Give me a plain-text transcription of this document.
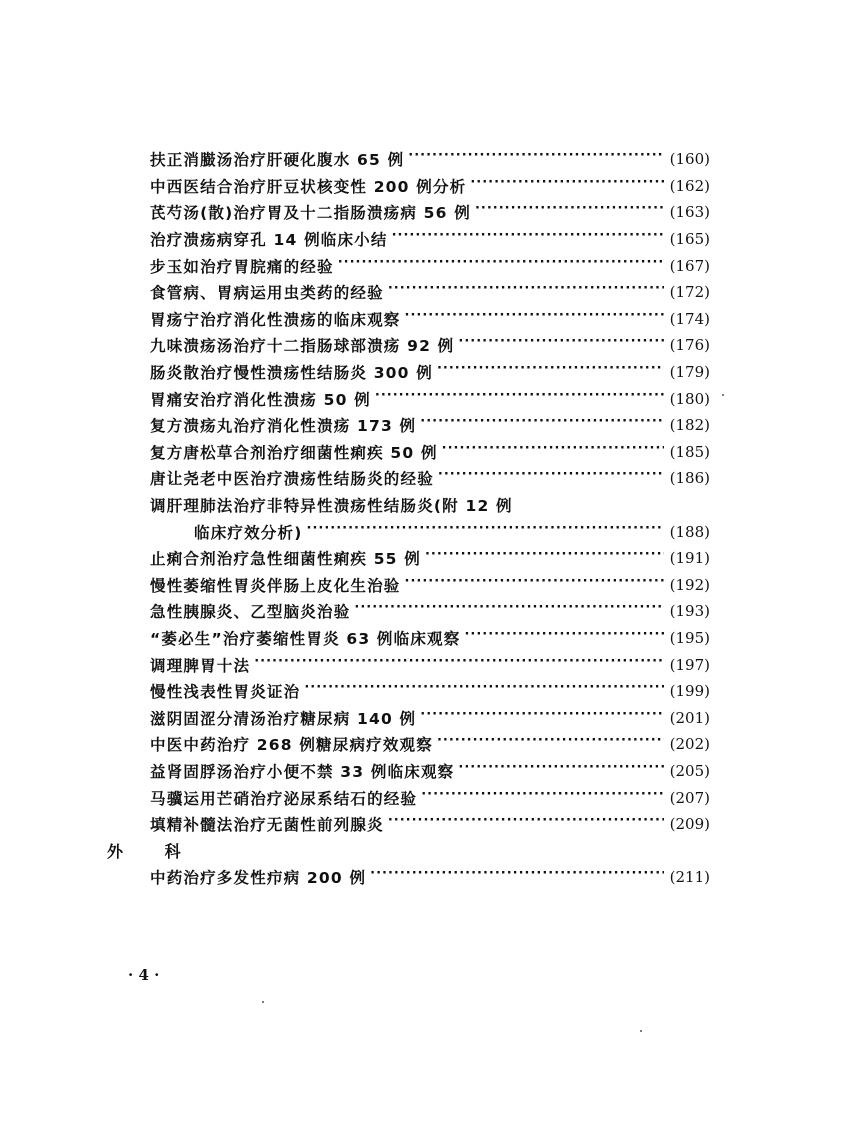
扶正消臌汤治疗肝硬化腹水 65 例 ·····	(160)
中西医结合治疗肝豆状核变性 200 例分析 ·····	(162)
芪芍汤(散)治疗胃及十二指肠溃疡病 56 例 ·····	(163)
治疗溃疡病穿孔 14 例临床小结 ·····	(165)
步玉如治疗胃脘痛的经验 ·····	(167)
食管病、胃病运用虫类药的经验 ·····	(172)
胃疡宁治疗消化性溃疡的临床观察 ·····	(174)
九味溃疡汤治疗十二指肠球部溃疡 92 例 ·····	(176)
肠炎散治疗慢性溃疡性结肠炎 300 例 ·····	(179)
胃痛安治疗消化性溃疡 50 例 ·····	(180)
复方溃疡丸治疗消化性溃疡 173 例 ·····	(182)
复方唐松草合剂治疗细菌性痢疾 50 例 ·····	(185)
唐让尧老中医治疗溃疡性结肠炎的经验 ·····	(186)
调肝理肺法治疗非特异性溃疡性结肠炎(附 12 例
临床疗效分析) ·····	(188)
止痢合剂治疗急性细菌性痢疾 55 例 ·····	(191)
慢性萎缩性胃炎伴肠上皮化生治验 ·····	(192)
急性胰腺炎、乙型脑炎治验 ·····	(193)
“萎必生”治疗萎缩性胃炎 63 例临床观察 ·····	(195)
调理脾胃十法 ·····	(197)
慢性浅表性胃炎证治 ·····	(199)
滋阴固涩分清汤治疗糖尿病 140 例 ·····	(201)
中医中药治疗 268 例糖尿病疗效观察 ·····	(202)
益肾固脬汤治疗小便不禁 33 例临床观察 ·····	(205)
马骥运用芒硝治疗泌尿系结石的经验 ·····	(207)
填精补髓法治疗无菌性前列腺炎 ·····	(209)
外 科
中药治疗多发性疖病 200 例 ·····	(211)
· 4 ·
